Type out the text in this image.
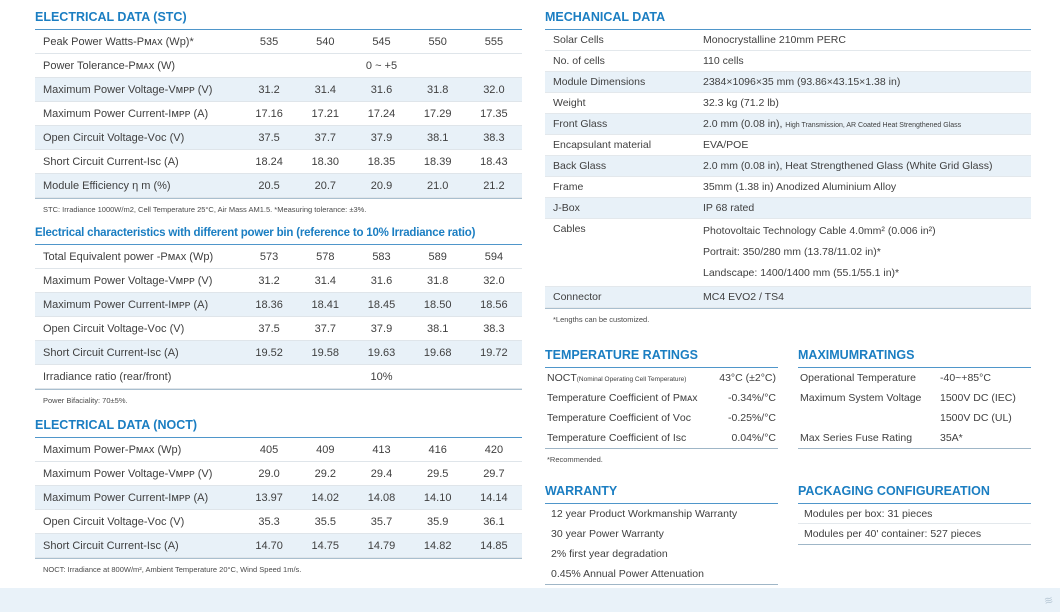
ELECTRICAL DATA (STC)
Peak Power Watts-Pᴍᴀx (Wp)*	535	540	545	550	555
Power Tolerance-Pᴍᴀx (W)	0 ~ +5
Maximum Power Voltage-Vᴍᴘᴘ (V)	31.2	31.4	31.6	31.8	32.0
Maximum Power Current-Iᴍᴘᴘ (A)	17.16	17.21	17.24	17.29	17.35
Open Circuit Voltage-Vᴏᴄ (V)	37.5	37.7	37.9	38.1	38.3
Short Circuit Current-Isᴄ (A)	18.24	18.30	18.35	18.39	18.43
Module Efficiency η m (%)	20.5	20.7	20.9	21.0	21.2
STC: Irradiance 1000W/m2, Cell Temperature 25°C, Air Mass AM1.5. *Measuring tolerance: ±3%.
Electrical characteristics with different power bin (reference to 10% Irradiance ratio)
Total Equivalent power -Pᴍᴀx (Wp)	573	578	583	589	594
Maximum Power Voltage-Vᴍᴘᴘ (V)	31.2	31.4	31.6	31.8	32.0
Maximum Power Current-Iᴍᴘᴘ (A)	18.36	18.41	18.45	18.50	18.56
Open Circuit Voltage-Vᴏᴄ (V)	37.5	37.7	37.9	38.1	38.3
Short Circuit Current-Isᴄ (A)	19.52	19.58	19.63	19.68	19.72
Irradiance ratio (rear/front)	10%
Power Bifaciality: 70±5%.
ELECTRICAL DATA (NOCT)
Maximum Power-Pᴍᴀx (Wp)	405	409	413	416	420
Maximum Power Voltage-Vᴍᴘᴘ (V)	29.0	29.2	29.4	29.5	29.7
Maximum Power Current-Iᴍᴘᴘ (A)	13.97	14.02	14.08	14.10	14.14
Open Circuit Voltage-Vᴏᴄ (V)	35.3	35.5	35.7	35.9	36.1
Short Circuit Current-Isᴄ (A)	14.70	14.75	14.79	14.82	14.85
NOCT: Irradiance at 800W/m², Ambient Temperature 20°C, Wind Speed 1m/s.
MECHANICAL DATA
Solar Cells	Monocrystalline 210mm PERC
No. of cells	110 cells
Module Dimensions	2384×1096×35 mm (93.86×43.15×1.38 in)
Weight	32.3 kg (71.2 lb)
Front Glass	2.0 mm (0.08 in), High Transmission, AR Coated Heat Strengthened Glass
Encapsulant material	EVA/POE
Back Glass	2.0 mm (0.08 in), Heat Strengthened Glass (White Grid Glass)
Frame	35mm (1.38 in) Anodized Aluminium Alloy
J-Box	IP 68 rated
Cables	Photovoltaic Technology Cable 4.0mm² (0.006 in²)
Portrait: 350/280 mm (13.78/11.02 in)*
Landscape: 1400/1400 mm (55.1/55.1 in)*
Connector	MC4 EVO2 / TS4
*Lengths can be customized.
TEMPERATURE RATINGS
NOCT(Nominal Operating Cell Temperature)	43°C (±2°C)
Temperature Coefficient of Pᴍᴀx	-0.34%/°C
Temperature Coefficient of Vᴏᴄ	-0.25%/°C
Temperature Coefficient of Isᴄ	0.04%/°C
*Recommended.
MAXIMUMRATINGS
Operational Temperature	-40~+85°C
Maximum System Voltage	1500V DC (IEC)
1500V DC (UL)
Max Series Fuse Rating	35A*
WARRANTY
12 year Product Workmanship Warranty
30 year Power Warranty
2% first year degradation
0.45% Annual Power Attenuation
PACKAGING CONFIGUREATION
Modules per box: 31 pieces
Modules per 40' container: 527 pieces
≋
